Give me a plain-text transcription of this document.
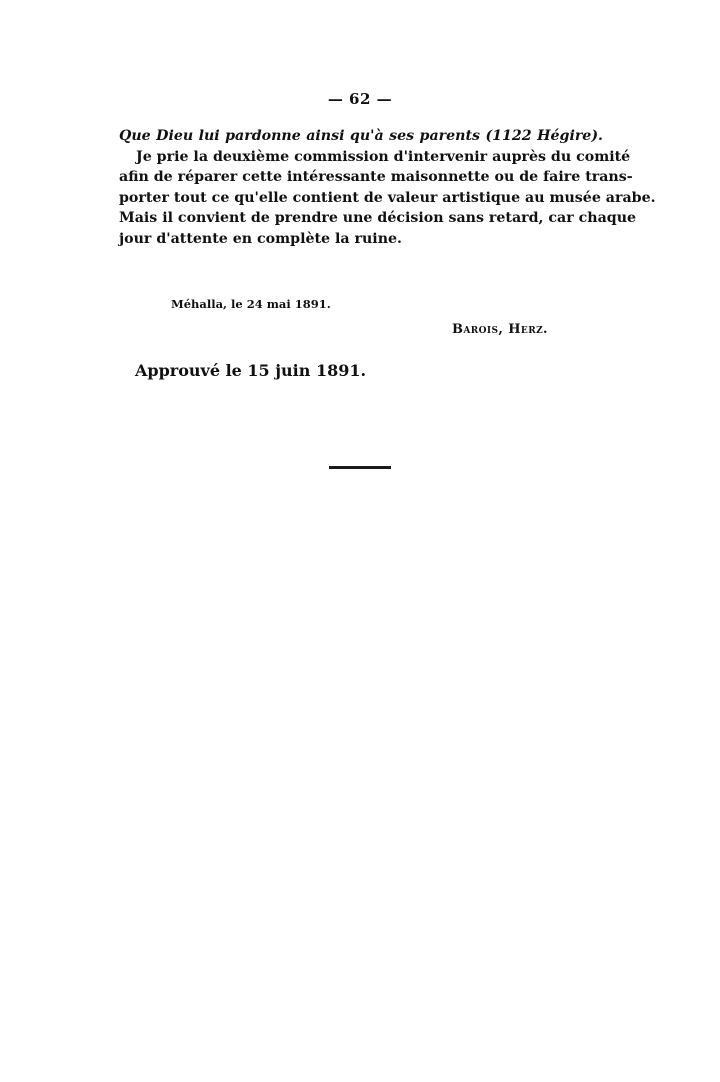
— 62 —
Que Dieu lui pardonne ainsi qu'à ses parents (1122 Hégire).
Je prie la deuxième commission d'intervenir auprès du comité
afin de réparer cette intéressante maisonnette ou de faire trans-
porter tout ce qu'elle contient de valeur artistique au musée arabe.
Mais il convient de prendre une décision sans retard, car chaque
jour d'attente en complète la ruine.
Méhalla, le 24 mai 1891.
Barois, Herz.
Approuvé le 15 juin 1891.
